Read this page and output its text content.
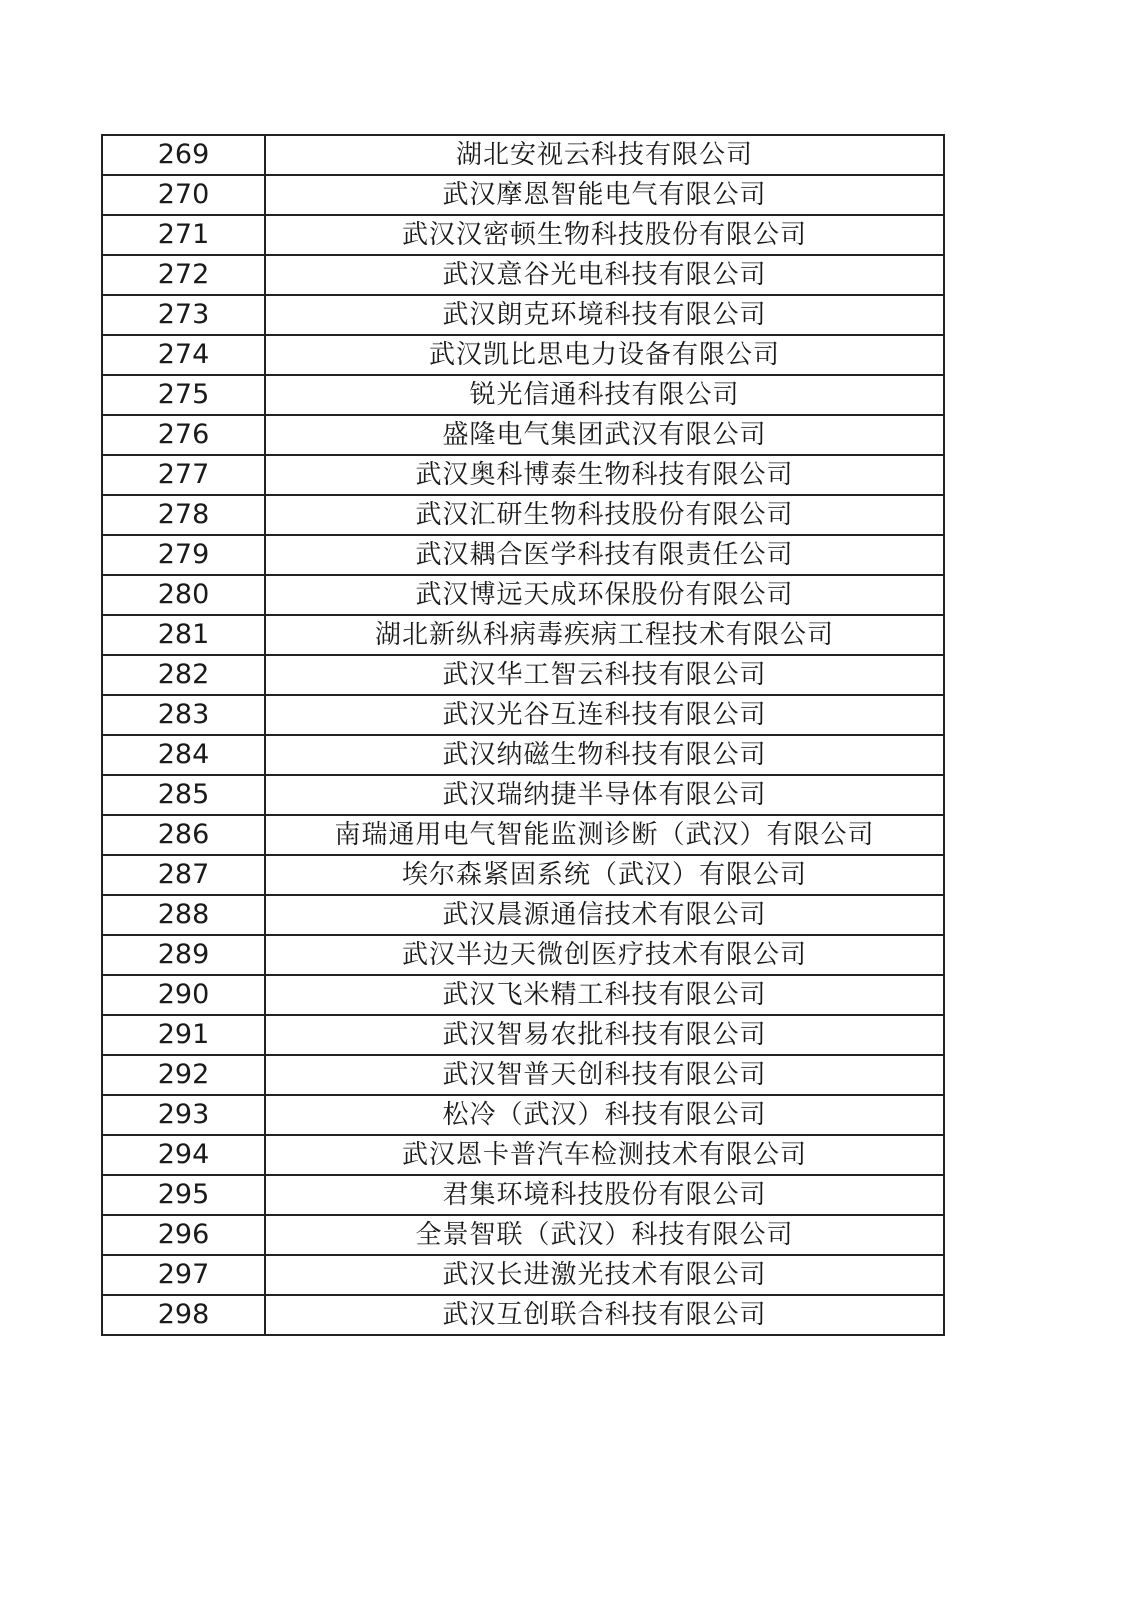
269	湖北安视云科技有限公司
270	武汉摩恩智能电气有限公司
271	武汉汉密顿生物科技股份有限公司
272	武汉意谷光电科技有限公司
273	武汉朗克环境科技有限公司
274	武汉凯比思电力设备有限公司
275	锐光信通科技有限公司
276	盛隆电气集团武汉有限公司
277	武汉奥科博泰生物科技有限公司
278	武汉汇研生物科技股份有限公司
279	武汉耦合医学科技有限责任公司
280	武汉博远天成环保股份有限公司
281	湖北新纵科病毒疾病工程技术有限公司
282	武汉华工智云科技有限公司
283	武汉光谷互连科技有限公司
284	武汉纳磁生物科技有限公司
285	武汉瑞纳捷半导体有限公司
286	南瑞通用电气智能监测诊断（武汉）有限公司
287	埃尔森紧固系统（武汉）有限公司
288	武汉晨源通信技术有限公司
289	武汉半边天微创医疗技术有限公司
290	武汉飞米精工科技有限公司
291	武汉智易农批科技有限公司
292	武汉智普天创科技有限公司
293	松冷（武汉）科技有限公司
294	武汉恩卡普汽车检测技术有限公司
295	君集环境科技股份有限公司
296	全景智联（武汉）科技有限公司
297	武汉长进激光技术有限公司
298	武汉互创联合科技有限公司
